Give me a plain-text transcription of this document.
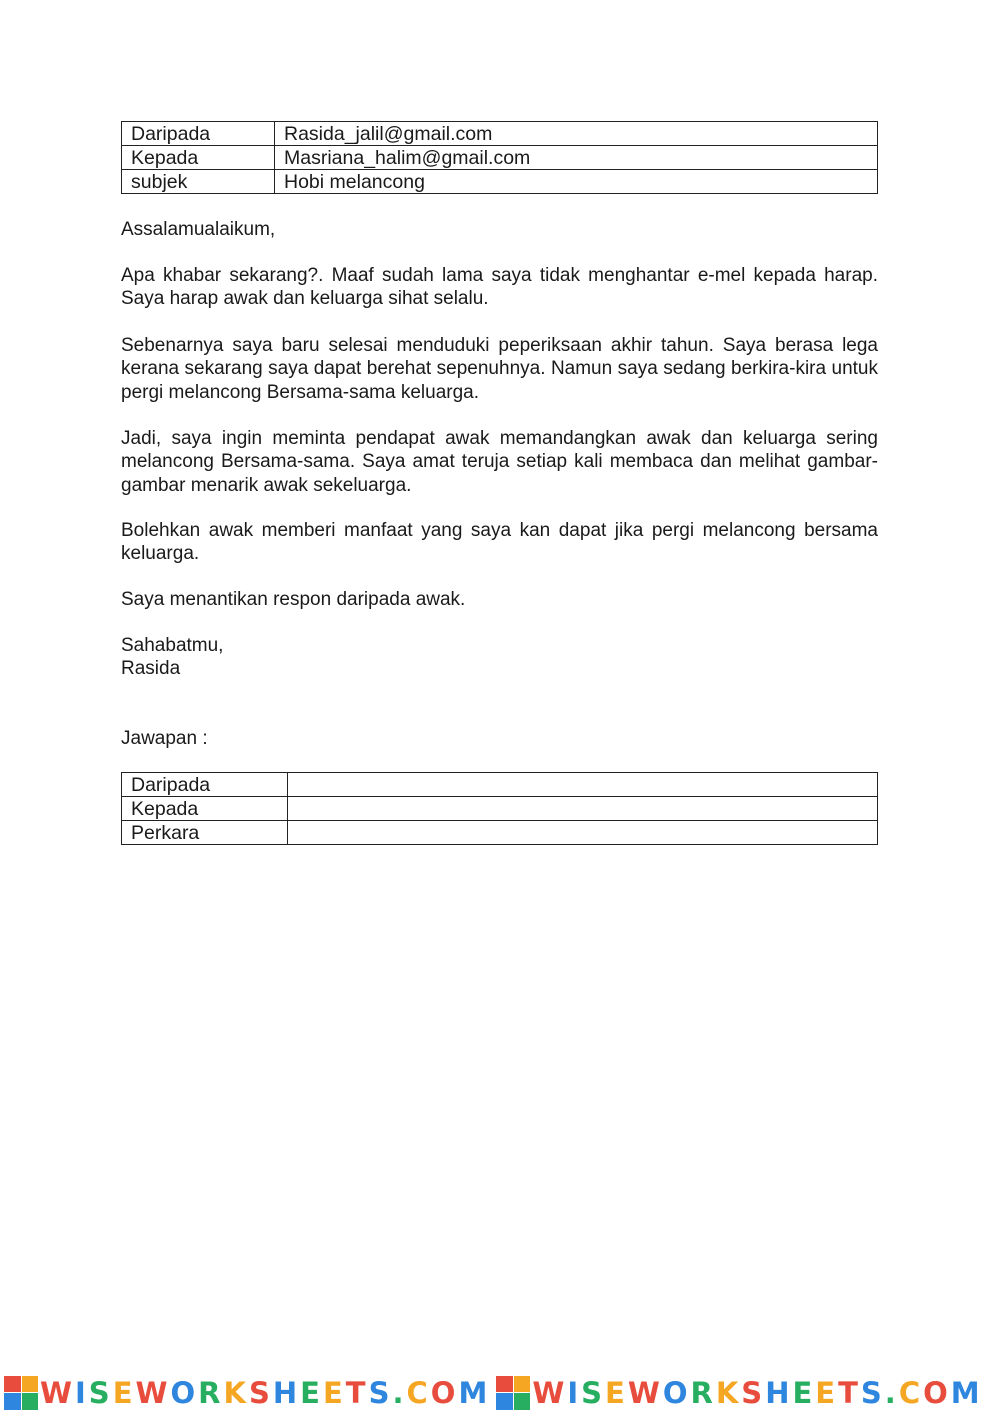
Daripada	Rasida_jalil@gmail.com
Kepada	Masriana_halim@gmail.com
subjek	Hobi melancong

Assalamualaikum,

Apa khabar sekarang?. Maaf sudah lama saya tidak menghantar e-mel kepada harap. Saya harap awak dan keluarga sihat selalu.

Sebenarnya saya baru selesai menduduki peperiksaan akhir tahun. Saya berasa lega kerana sekarang saya dapat berehat sepenuhnya. Namun saya sedang berkira-kira untuk pergi melancong Bersama-sama keluarga.

Jadi, saya ingin meminta pendapat awak memandangkan awak dan keluarga sering melancong Bersama-sama. Saya amat teruja setiap kali membaca dan melihat gambar-gambar menarik awak sekeluarga.

Bolehkan awak memberi manfaat yang saya kan dapat jika pergi melancong bersama keluarga.

Saya menantikan respon daripada awak.

Sahabatmu,

Rasida

Jawapan :

Daripada	
Kepada	
Perkara	
WISEWORKSHEETS.COM WISEWORKSHEETS.COM
